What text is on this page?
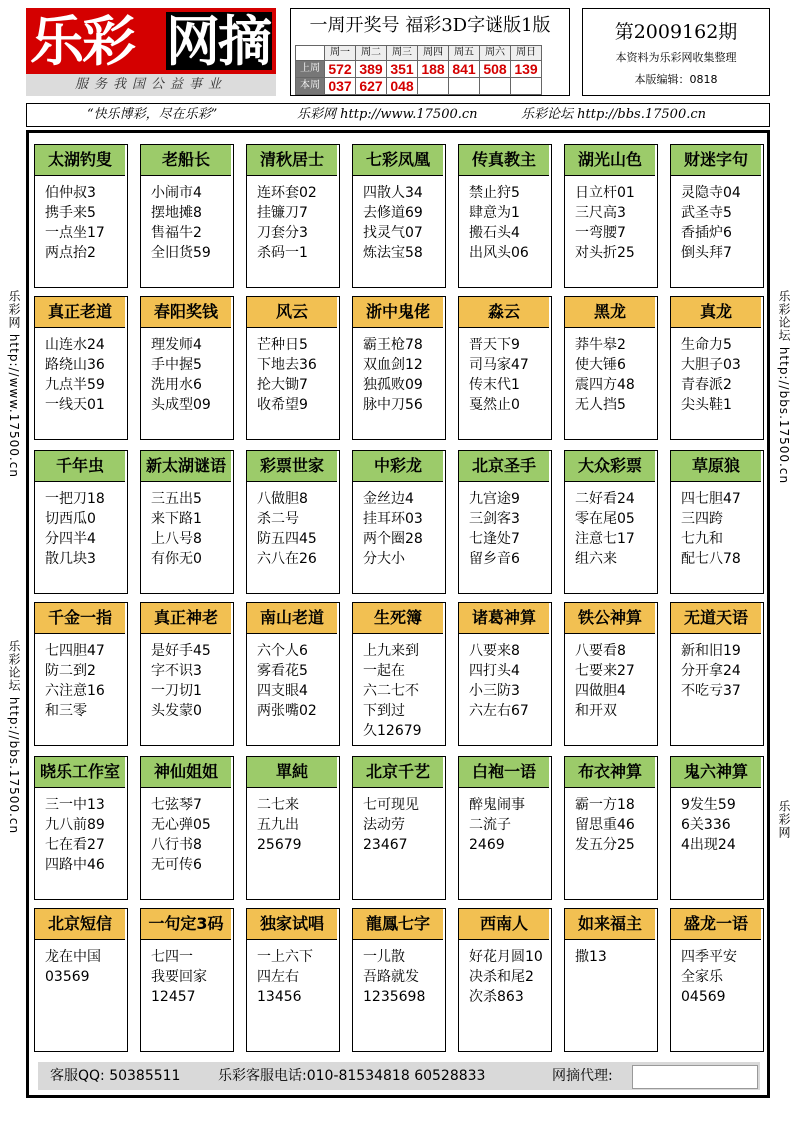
乐彩 网摘
服务我国公益事业
一周开奖号 福彩3D字谜版1版
	周一	周二	周三	周四	周五	周六	周日
上周	572	389	351	188	841	508	139
本周	037	627	048				
第2009162期
本资料为乐彩网收集整理
本版编辑：0818
“快乐博彩，尽在乐彩”	乐彩网 http://www.17500.cn	乐彩论坛 http://bbs.17500.cn
乐彩网 http://www.17500.cn
乐彩论坛 http://bbs.17500.cn
乐彩论坛 http://bbs.17500.cn
乐彩网
太湖钓叟
伯仲叔3
携手来5
一点坐17
两点抬2
老船长
小闹市4
摆地摊8
售福牛2
全旧货59
清秋居士
连环套02
挂镰刀7
刀套分3
杀码一1
七彩凤凰
四散人34
去修道69
找灵气07
炼法宝58
传真教主
禁止狩5
肆意为1
搬石头4
出风头06
湖光山色
日立杆01
三尺高3
一弯腰7
对头折25
财迷字句
灵隐寺04
武圣寺5
香插炉6
倒头拜7
真正老道
山连水24
路绕山36
九点半59
一线天01
春阳奖钱
理发师4
手中握5
洗用水6
头成型09
风云
芒种日5
下地去36
抡大锄7
收希望9
浙中鬼佬
霸王枪78
双血剑12
独孤败09
脉中刀56
淼云
晋天下9
司马家47
传末代1
戛然止0
黑龙
莽牛皋2
使大锤6
震四方48
无人挡5
真龙
生命力5
大胆子03
青春派2
尖头鞋1
千年虫
一把刀18
切西瓜0
分四半4
散几块3
新太湖谜语
三五出5
来下路1
上八号8
有你无0
彩票世家
八做胆8
杀二号
防五四45
六八在26
中彩龙
金丝边4
挂耳环03
两个圈28
分大小
北京圣手
九宫途9
三剑客3
七逢处7
留乡音6
大众彩票
二好看24
零在尾05
注意七17
组六来
草原狼
四七胆47
三四跨
七九和
配七八78
千金一指
七四胆47
防二到2
六注意16
和三零
真正神老
是好手45
字不识3
一刀切1
头发蒙0
南山老道
六个人6
雾看花5
四支眼4
两张嘴02
生死簿
上九来到
一起在
六二七不
下到过
久12679
诸葛神算
八要来8
四打头4
小三防3
六左右67
铁公神算
八要看8
七要来27
四做胆4
和开双
无道天语
新和旧19
分开拿24
不吃亏37
晓乐工作室
三一中13
九八前89
七在看27
四路中46
神仙姐姐
七弦琴7
无心弹05
八行书8
无可传6
單純
二七来
五九出
25679
北京千艺
七可现见
法动劳
23467
白袍一语
醉鬼闹事
二流子
2469
布衣神算
霸一方18
留思重46
发五分25
鬼六神算
9发生59
6关336
4出现24
北京短信
龙在中国
03569
一句定3码
七四一
我要回家
12457
独家试唱
一上六下
四左右
13456
龍鳳七字
一儿散
吾路就发
1235698
西南人
好花月圆10
决杀和尾2
次杀863
如来福主
撒13
盛龙一语
四季平安
全家乐
04569
客服QQ: 50385511	乐彩客服电话:010-81534818 60528833	网摘代理:
